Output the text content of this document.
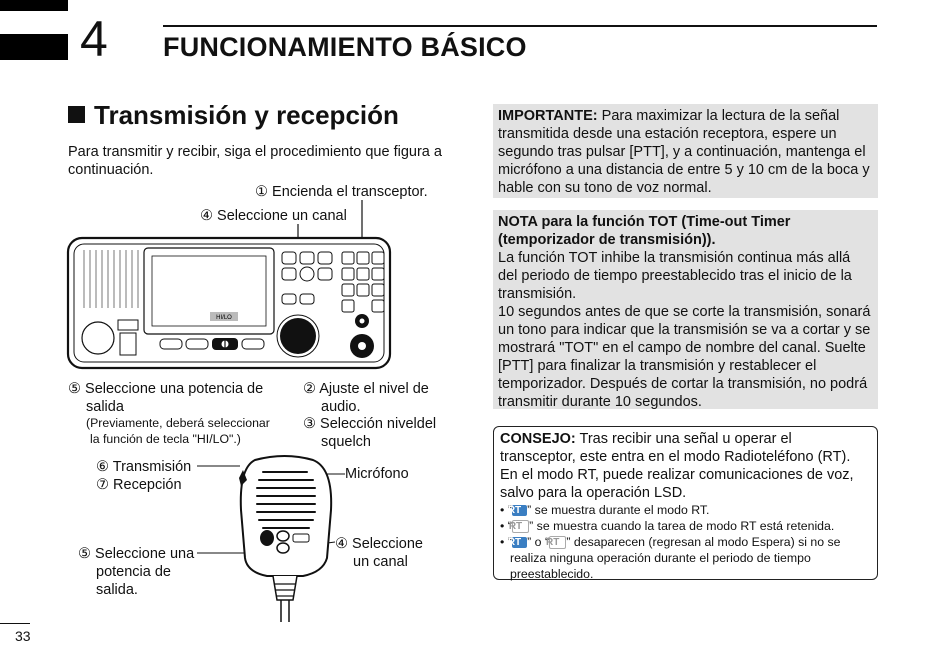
4 FUNCIONAMIENTO BÁSICO
Transmisión y recepción
Para transmitir y recibir, siga el procedimiento que figura a continuación.
① Encienda el transceptor.
④ Seleccione un canal
HI/LO
⑤ Seleccione una potencia de
salida
(Previamente, deberá seleccionar
la función de tecla "HI/LO".)
② Ajuste el nivel de
audio.
③ Selección niveldel
squelch
⑥ Transmisión
⑦ Recepción
Micrófono
⑤ Seleccione una
potencia de
salida.
④ Seleccione
un canal
IMPORTANTE: Para maximizar la lectura de la señal transmitida desde una estación receptora, espere un segundo tras pulsar [PTT], y a continuación, mantenga el micrófono a una distancia de entre 5 y 10 cm de la boca y hable con su tono de voz normal.
NOTA para la función TOT (Time-out Timer
(temporizador de transmisión)).
La función TOT inhibe la transmisión continua más allá del periodo de tiempo preestablecido tras el inicio de la transmisión.
10 segundos antes de que se corte la transmisión, sonará un tono para indicar que la transmisión se va a cortar y se mostrará "TOT" en el campo de nombre del canal. Suelte [PTT] para finalizar la transmisión y restablecer el temporizador. Después de cortar la transmisión, no podrá transmitir durante 10 segundos.
CONSEJO: Tras recibir una señal u operar el transceptor, este entra en el modo Radioteléfono (RT).
En el modo RT, puede realizar comunicaciones de voz, salvo para la operación LSD.
• “RT ” se muestra durante el modo RT.
• “RT ” se muestra cuando la tarea de modo RT está retenida.
• “RT ” o “RT ” desaparecen (regresan al modo Espera) si no se realiza ninguna operación durante el periodo de tiempo preestablecido.
33
